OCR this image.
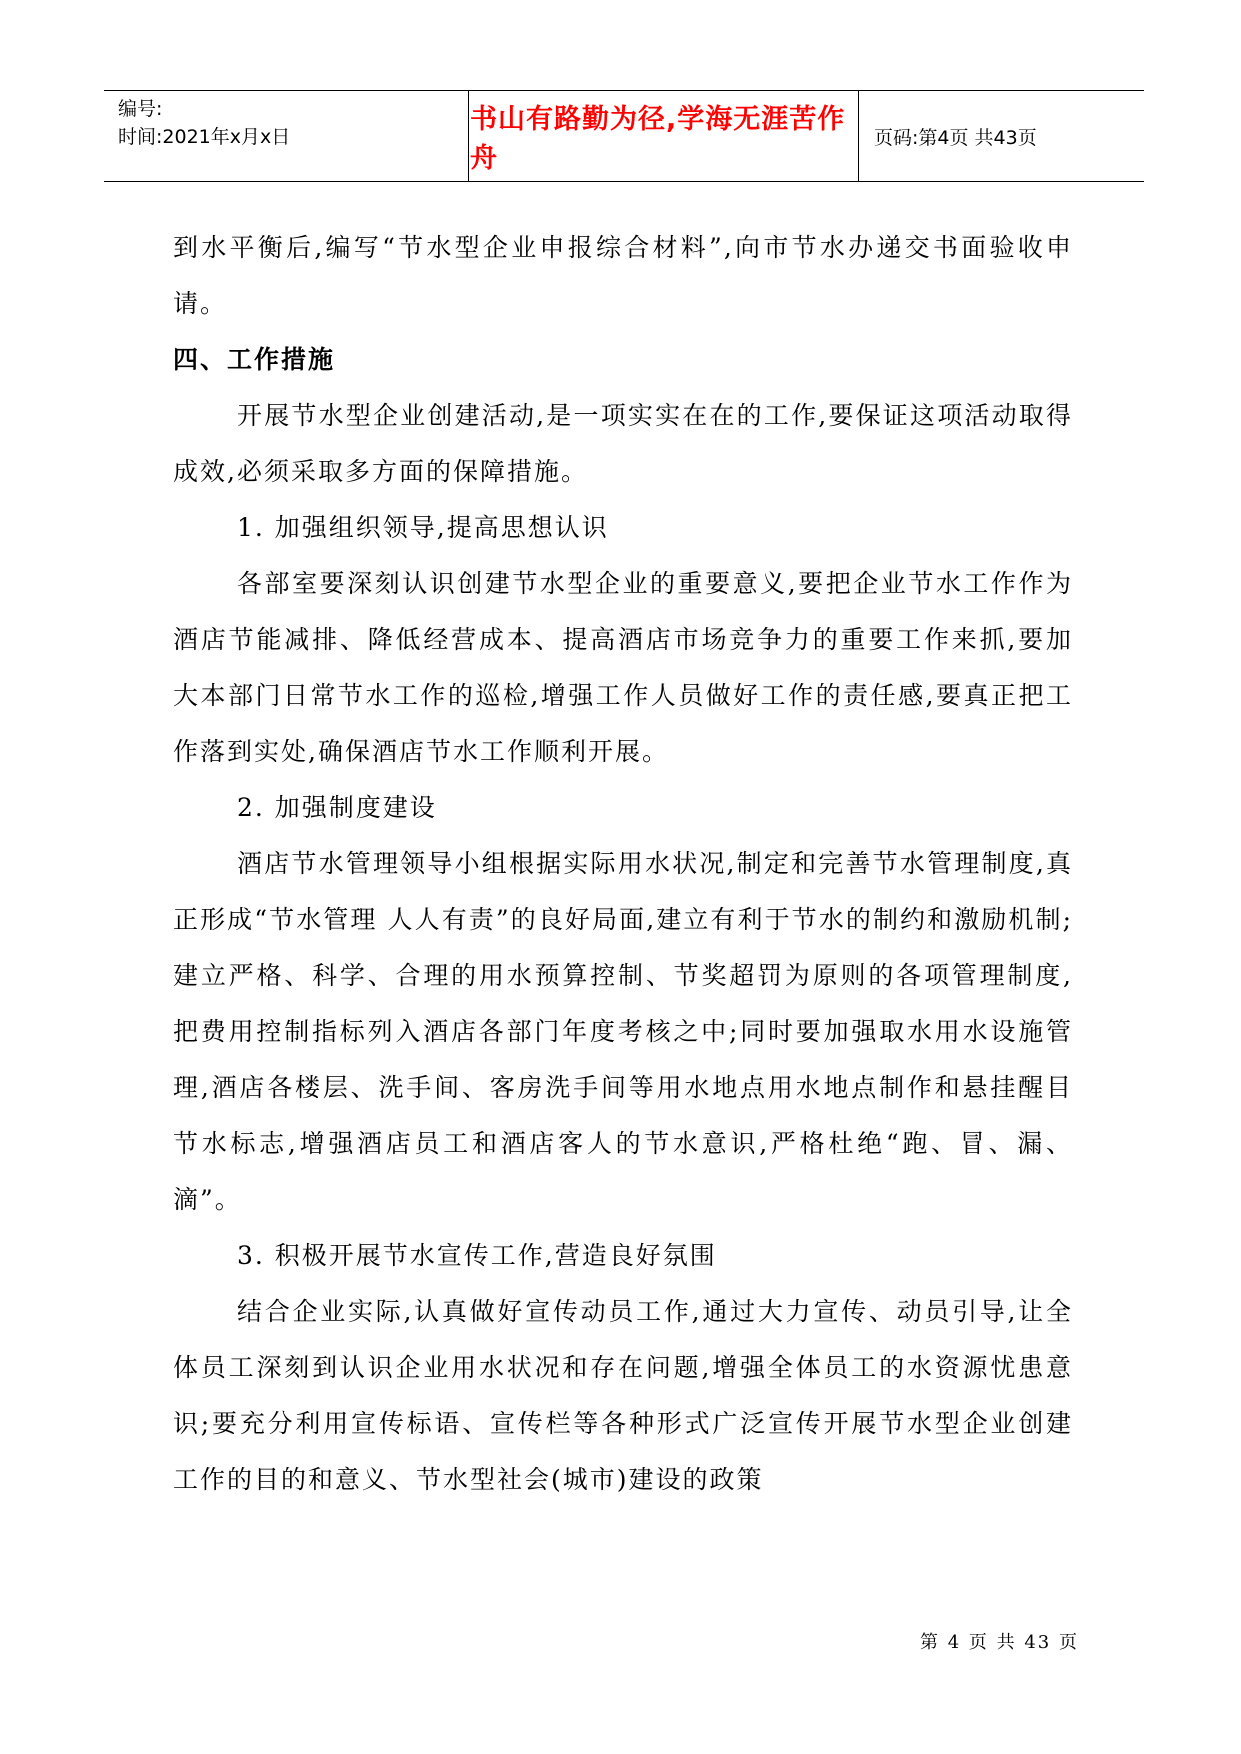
编号:
时间:2021年x月x日
书山有路勤为径,学海无涯苦作舟
页码:第4页 共43页

到水平衡后,编写“节水型企业申报综合材料”,向市节水办递交书面验收申请。

四、工作措施

开展节水型企业创建活动,是一项实实在在的工作,要保证这项活动取得成效,必须采取多方面的保障措施。

1. 加强组织领导,提高思想认识

各部室要深刻认识创建节水型企业的重要意义,要把企业节水工作作为酒店节能减排、降低经营成本、提高酒店市场竞争力的重要工作来抓,要加大本部门日常节水工作的巡检,增强工作人员做好工作的责任感,要真正把工作落到实处,确保酒店节水工作顺利开展。

2. 加强制度建设

酒店节水管理领导小组根据实际用水状况,制定和完善节水管理制度,真正形成“节水管理 人人有责”的良好局面,建立有利于节水的制约和激励机制;建立严格、科学、合理的用水预算控制、节奖超罚为原则的各项管理制度,把费用控制指标列入酒店各部门年度考核之中;同时要加强取水用水设施管理,酒店各楼层、洗手间、客房洗手间等用水地点用水地点制作和悬挂醒目节水标志,增强酒店员工和酒店客人的节水意识,严格杜绝“跑、冒、漏、滴”。

3. 积极开展节水宣传工作,营造良好氛围

结合企业实际,认真做好宣传动员工作,通过大力宣传、动员引导,让全体员工深刻到认识企业用水状况和存在问题,增强全体员工的水资源忧患意识;要充分利用宣传标语、宣传栏等各种形式广泛宣传开展节水型企业创建工作的目的和意义、节水型社会(城市)建设的政策

第 4 页 共 43 页
